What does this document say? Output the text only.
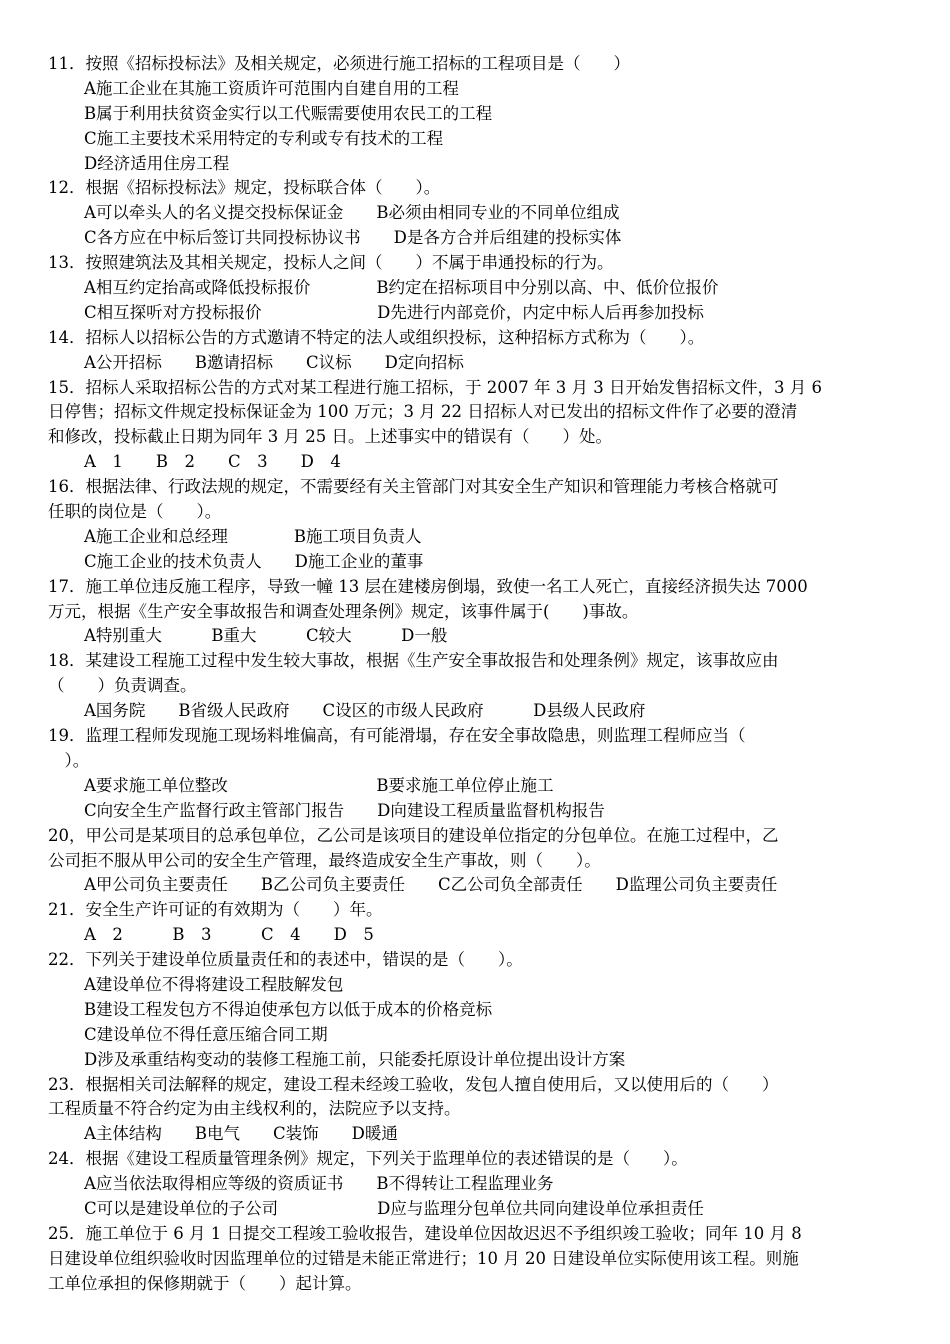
11．按照《招标投标法》及相关规定，必须进行施工招标的工程项目是（　　）
A施工企业在其施工资质许可范围内自建自用的工程
B属于利用扶贫资金实行以工代赈需要使用农民工的工程
C施工主要技术采用特定的专利或专有技术的工程
D经济适用住房工程
12．根据《招标投标法》规定，投标联合体（　　）。
A可以牵头人的名义提交投标保证金　　B必须由相同专业的不同单位组成
C各方应在中标后签订共同投标协议书　　D是各方合并后组建的投标实体
13．按照建筑法及其相关规定，投标人之间（　　）不属于串通投标的行为。
A相互约定抬高或降低投标报价　　　　B约定在招标项目中分别以高、中、低价位报价
C相互探听对方投标报价　　　　　　　D先进行内部竞价，内定中标人后再参加投标
14．招标人以招标公告的方式邀请不特定的法人或组织投标，这种招标方式称为（　　）。
A公开招标　　B邀请招标　　C议标　　D定向招标
15．招标人采取招标公告的方式对某工程进行施工招标，于 2007 年 3 月 3 日开始发售招标文件，3 月 6
日停售；招标文件规定投标保证金为 100 万元；3 月 22 日招标人对已发出的招标文件作了必要的澄清
和修改，投标截止日期为同年 3 月 25 日。上述事实中的错误有（　　）处。
A　1　　B　2　　C　3　　D　4
16．根据法律、行政法规的规定，不需要经有关主管部门对其安全生产知识和管理能力考核合格就可
任职的岗位是（　　）。
A施工企业和总经理　　　　B施工项目负责人
C施工企业的技术负责人　　D施工企业的董事
17．施工单位违反施工程序，导致一幢 13 层在建楼房倒塌，致使一名工人死亡，直接经济损失达 7000
万元，根据《生产安全事故报告和调查处理条例》规定，该事件属于(　　)事故。
A特别重大　　　B重大　　　C较大　　　D一般
18．某建设工程施工过程中发生较大事故，根据《生产安全事故报告和处理条例》规定，该事故应由
（　　）负责调查。
A国务院　　B省级人民政府　　C设区的市级人民政府　　　D县级人民政府
19．监理工程师发现施工现场料堆偏高，有可能滑塌，存在安全事故隐患，则监理工程师应当（
　）。
A要求施工单位整改　　　　　　　　　B要求施工单位停止施工
C向安全生产监督行政主管部门报告　　D向建设工程质量监督机构报告
20，甲公司是某项目的总承包单位，乙公司是该项目的建设单位指定的分包单位。在施工过程中，乙
公司拒不服从甲公司的安全生产管理，最终造成安全生产事故，则（　　）。
A甲公司负主要责任　　B乙公司负主要责任　　C乙公司负全部责任　　D监理公司负主要责任
21．安全生产许可证的有效期为（　　）年。
A　2　　　B　3　　　C　4　　D　5
22．下列关于建设单位质量责任和的表述中，错误的是（　　）。
A建设单位不得将建设工程肢解发包
B建设工程发包方不得迫使承包方以低于成本的价格竞标
C建设单位不得任意压缩合同工期
D涉及承重结构变动的装修工程施工前，只能委托原设计单位提出设计方案
23．根据相关司法解释的规定，建设工程未经竣工验收，发包人擅自使用后，又以使用后的（　　）
工程质量不符合约定为由主线权利的，法院应予以支持。
A主体结构　　B电气　　C装饰　　D暖通
24．根据《建设工程质量管理条例》规定，下列关于监理单位的表述错误的是（　　）。
A应当依法取得相应等级的资质证书　　B不得转让工程监理业务
C可以是建设单位的子公司　　　　　　D应与监理分包单位共同向建设单位承担责任
25．施工单位于 6 月 1 日提交工程竣工验收报告，建设单位因故迟迟不予组织竣工验收；同年 10 月 8
日建设单位组织验收时因监理单位的过错是未能正常进行；10 月 20 日建设单位实际使用该工程。则施
工单位承担的保修期就于（　　）起计算。
